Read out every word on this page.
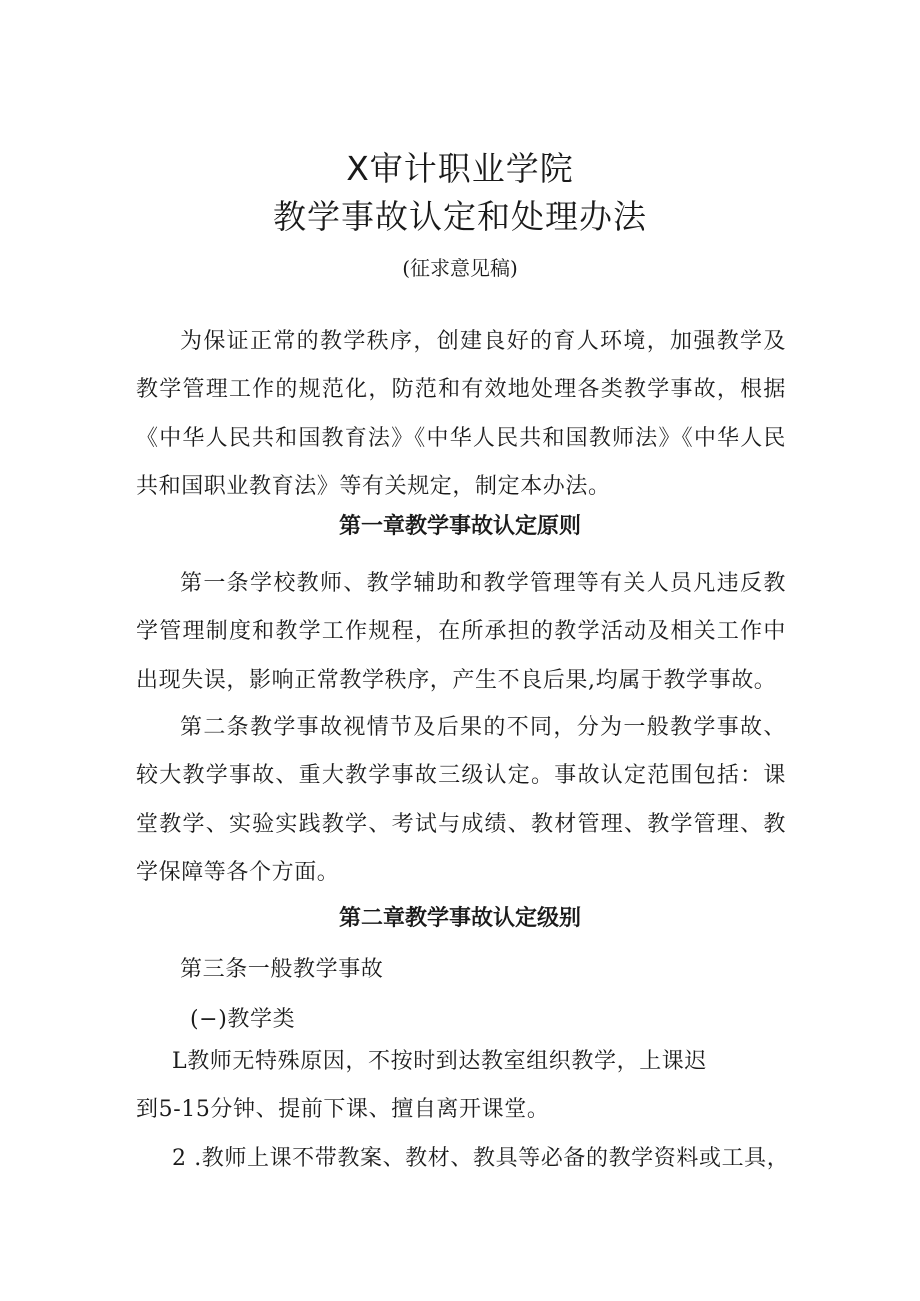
X审计职业学院
教学事故认定和处理办法

(征求意见稿)

为保证正常的教学秩序，创建良好的育人环境，加强教学及教学管理工作的规范化，防范和有效地处理各类教学事故，根据《中华人民共和国教育法》《中华人民共和国教师法》《中华人民共和国职业教育法》等有关规定，制定本办法。

第一章教学事故认定原则

第一条学校教师、教学辅助和教学管理等有关人员凡违反教学管理制度和教学工作规程，在所承担的教学活动及相关工作中出现失误，影响正常教学秩序，产生不良后果,均属于教学事故。

第二条教学事故视情节及后果的不同，分为一般教学事故、较大教学事故、重大教学事故三级认定。事故认定范围包括：课堂教学、实验实践教学、考试与成绩、教材管理、教学管理、教学保障等各个方面。

第二章教学事故认定级别

第三条一般教学事故

(−)教学类

L教师无特殊原因，不按时到达教室组织教学，上课迟

到5-15分钟、提前下课、擅自离开课堂。

2 .教师上课不带教案、教材、教具等必备的教学资料或工具，
